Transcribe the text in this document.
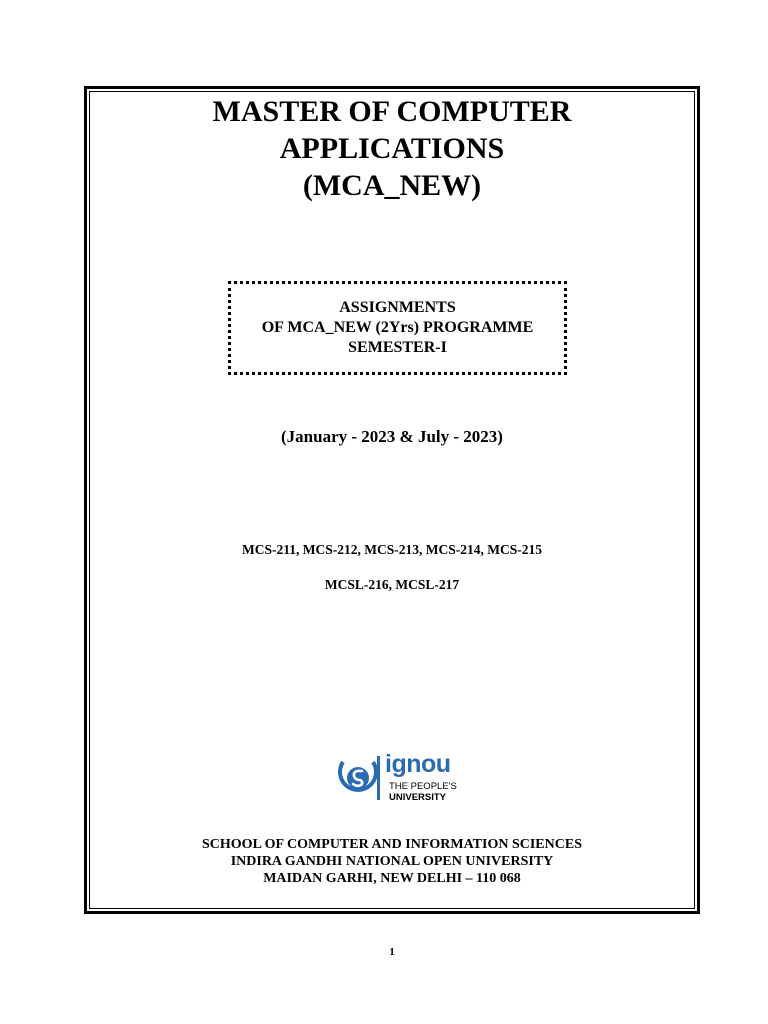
MASTER OF COMPUTER
APPLICATIONS
(MCA_NEW)
ASSIGNMENTS
OF MCA_NEW (2Yrs) PROGRAMME
SEMESTER-I
(January - 2023 & July - 2023)
MCS-211, MCS-212, MCS-213, MCS-214, MCS-215
MCSL-216, MCSL-217
ignou
THE PEOPLE'S
UNIVERSITY
SCHOOL OF COMPUTER AND INFORMATION SCIENCES
INDIRA GANDHI NATIONAL OPEN UNIVERSITY
MAIDAN GARHI, NEW DELHI – 110 068
1
